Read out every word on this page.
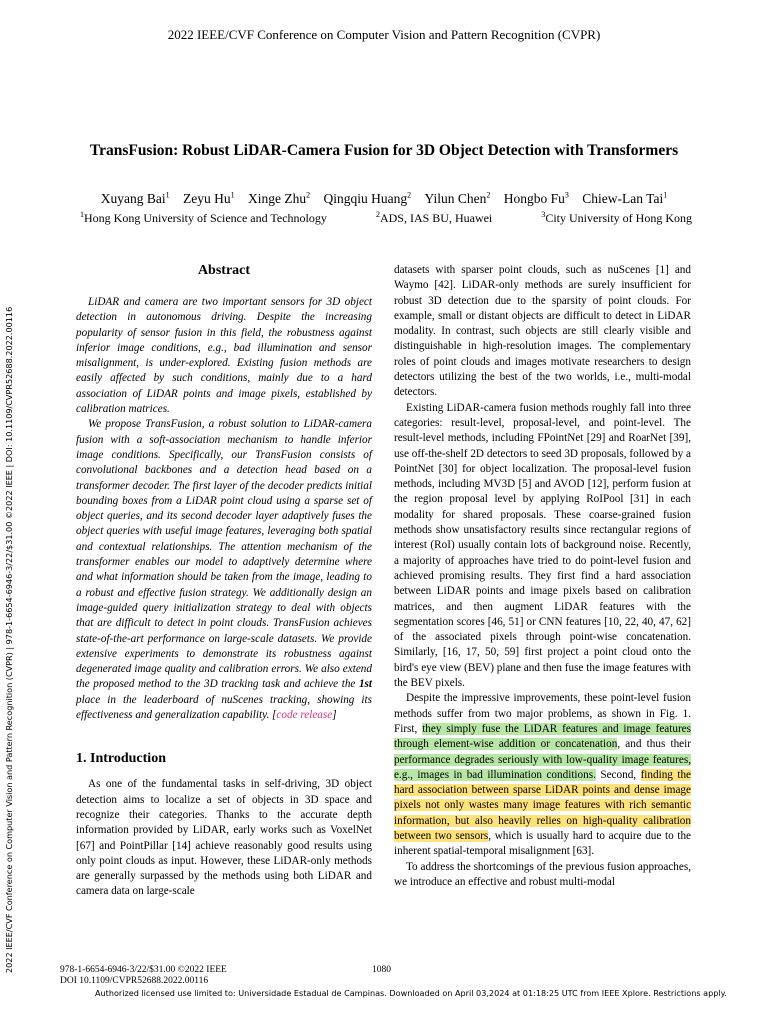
2022 IEEE/CVF Conference on Computer Vision and Pattern Recognition (CVPR)
TransFusion: Robust LiDAR-Camera Fusion for 3D Object Detection with Transformers
Xuyang Bai$^1$ Zeyu Hu$^1$ Xinge Zhu$^2$ Qingqiu Huang$^2$ Yilun Chen$^2$ Hongbo Fu$^3$ Chiew-Lan Tai$^1$
$^1$Hong Kong University of Science and Technology	$^2$ADS, IAS BU, Huawei	$^3$City University of Hong Kong
2022 IEEE/CVF Conference on Computer Vision and Pattern Recognition (CVPR) | 978-1-6654-6946-3/22/$31.00 ©2022 IEEE | DOI: 10.1109/CVPR52688.2022.00116
Abstract

LiDAR and camera are two important sensors for 3D object detection in autonomous driving. Despite the increasing popularity of sensor fusion in this field, the robustness against inferior image conditions, e.g., bad illumination and sensor misalignment, is under-explored. Existing fusion methods are easily affected by such conditions, mainly due to a hard association of LiDAR points and image pixels, established by calibration matrices.

We propose TransFusion, a robust solution to LiDAR-camera fusion with a soft-association mechanism to handle inferior image conditions. Specifically, our TransFusion consists of convolutional backbones and a detection head based on a transformer decoder. The first layer of the decoder predicts initial bounding boxes from a LiDAR point cloud using a sparse set of object queries, and its second decoder layer adaptively fuses the object queries with useful image features, leveraging both spatial and contextual relationships. The attention mechanism of the transformer enables our model to adaptively determine where and what information should be taken from the image, leading to a robust and effective fusion strategy. We additionally design an image-guided query initialization strategy to deal with objects that are difficult to detect in point clouds. TransFusion achieves state-of-the-art performance on large-scale datasets. We provide extensive experiments to demonstrate its robustness against degenerated image quality and calibration errors. We also extend the proposed method to the 3D tracking task and achieve the 1st place in the leaderboard of nuScenes tracking, showing its effectiveness and generalization capability. [code release]

1. Introduction

As one of the fundamental tasks in self-driving, 3D object detection aims to localize a set of objects in 3D space and recognize their categories. Thanks to the accurate depth information provided by LiDAR, early works such as VoxelNet [67] and PointPillar [14] achieve reasonably good results using only point clouds as input. However, these LiDAR-only methods are generally surpassed by the methods using both LiDAR and camera data on large-scale

datasets with sparser point clouds, such as nuScenes [1] and Waymo [42]. LiDAR-only methods are surely insufficient for robust 3D detection due to the sparsity of point clouds. For example, small or distant objects are difficult to detect in LiDAR modality. In contrast, such objects are still clearly visible and distinguishable in high-resolution images. The complementary roles of point clouds and images motivate researchers to design detectors utilizing the best of the two worlds, i.e., multi-modal detectors.

Existing LiDAR-camera fusion methods roughly fall into three categories: result-level, proposal-level, and point-level. The result-level methods, including FPointNet [29] and RoarNet [39], use off-the-shelf 2D detectors to seed 3D proposals, followed by a PointNet [30] for object localization. The proposal-level fusion methods, including MV3D [5] and AVOD [12], perform fusion at the region proposal level by applying RoIPool [31] in each modality for shared proposals. These coarse-grained fusion methods show unsatisfactory results since rectangular regions of interest (RoI) usually contain lots of background noise. Recently, a majority of approaches have tried to do point-level fusion and achieved promising results. They first find a hard association between LiDAR points and image pixels based on calibration matrices, and then augment LiDAR features with the segmentation scores [46, 51] or CNN features [10, 22, 40, 47, 62] of the associated pixels through point-wise concatenation. Similarly, [16, 17, 50, 59] first project a point cloud onto the bird's eye view (BEV) plane and then fuse the image features with the BEV pixels.

Despite the impressive improvements, these point-level fusion methods suffer from two major problems, as shown in Fig. 1. First, they simply fuse the LiDAR features and image features through element-wise addition or concatenation, and thus their performance degrades seriously with low-quality image features, e.g., images in bad illumination conditions. Second, finding the hard association between sparse LiDAR points and dense image pixels not only wastes many image features with rich semantic information, but also heavily relies on high-quality calibration between two sensors, which is usually hard to acquire due to the inherent spatial-temporal misalignment [63].

To address the shortcomings of the previous fusion approaches, we introduce an effective and robust multi-modal

978-1-6654-6946-3/22/$31.00 ©2022 IEEE
DOI 10.1109/CVPR52688.2022.00116
1080
Authorized licensed use limited to: Universidade Estadual de Campinas. Downloaded on April 03,2024 at 01:18:25 UTC from IEEE Xplore. Restrictions apply.
